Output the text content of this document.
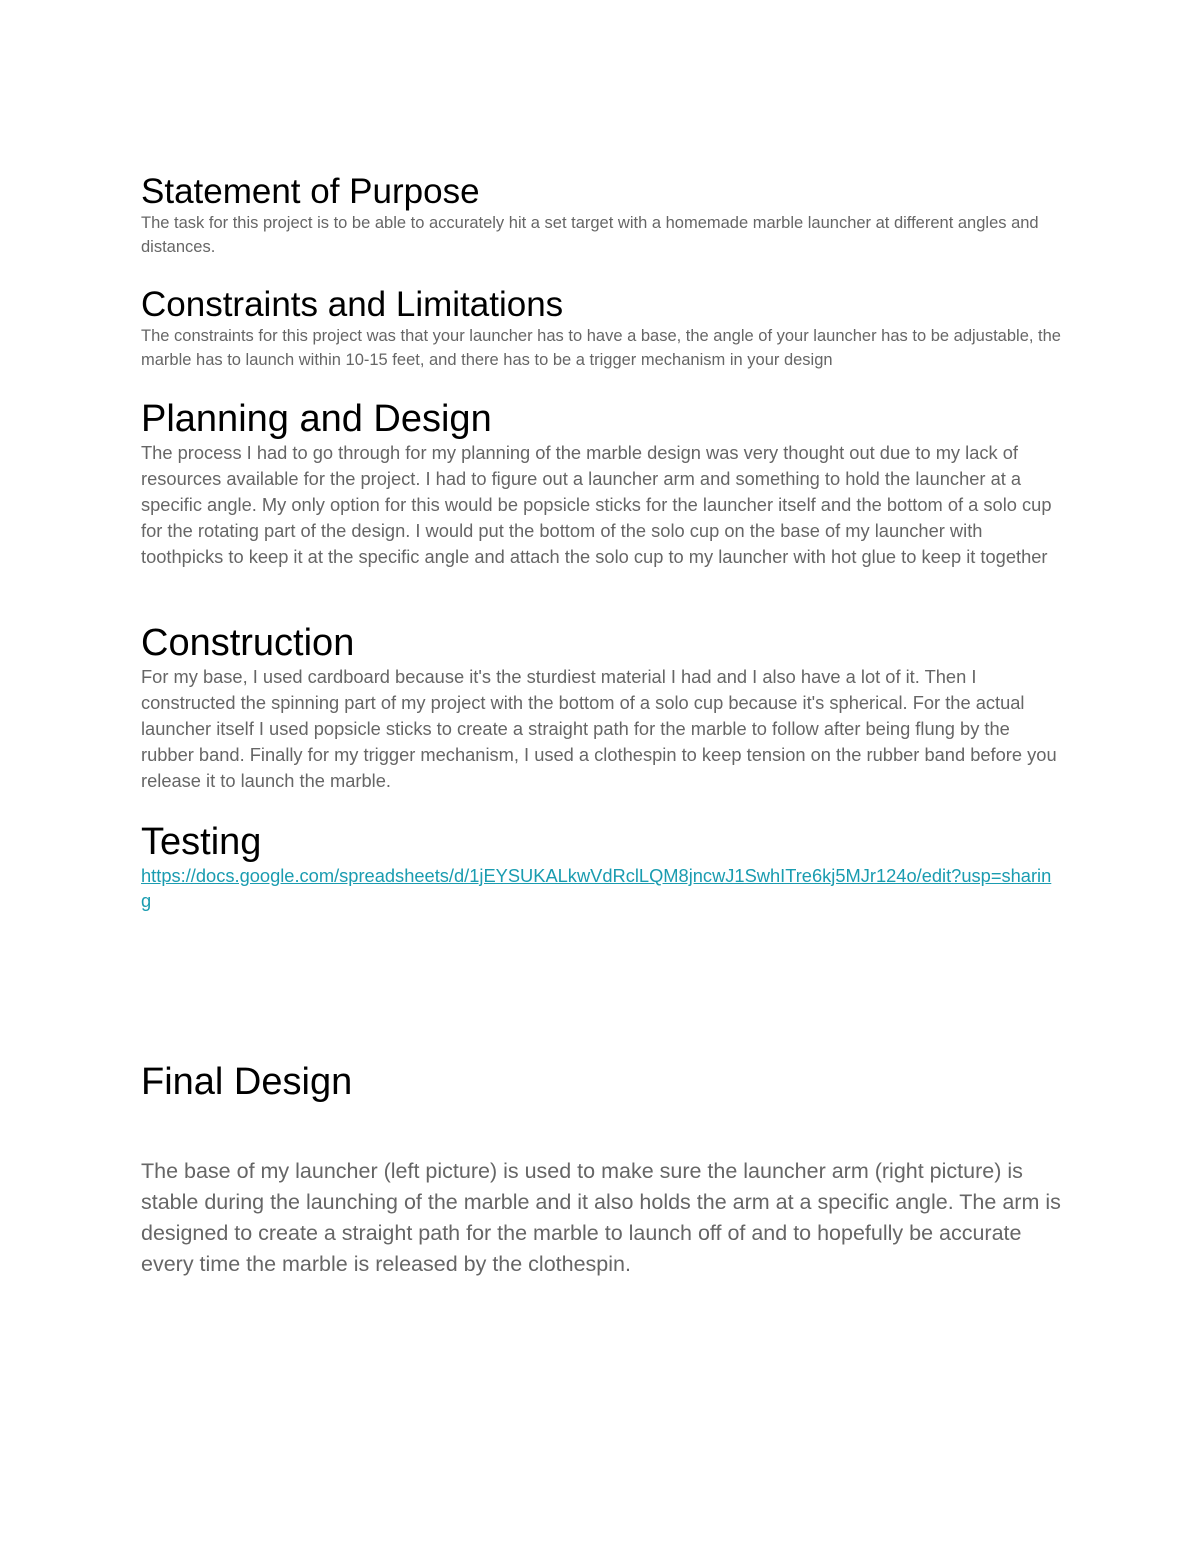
Statement of Purpose

The task for this project is to be able to accurately hit a set target with a homemade marble launcher at different angles and distances.

Constraints and Limitations

The constraints for this project was that your launcher has to have a base, the angle of your launcher has to be adjustable, the marble has to launch within 10-15 feet, and there has to be a trigger mechanism in your design

Planning and Design

The process I had to go through for my planning of the marble design was very thought out due to my lack of resources available for the project. I had to figure out a launcher arm and something to hold the launcher at a specific angle. My only option for this would be popsicle sticks for the launcher itself and the bottom of a solo cup for the rotating part of the design. I would put the bottom of the solo cup on the base of my launcher with toothpicks to keep it at the specific angle and attach the solo cup to my launcher with hot glue to keep it together

Construction

For my base, I used cardboard because it's the sturdiest material I had and I also have a lot of it. Then I constructed the spinning part of my project with the bottom of a solo cup because it's spherical. For the actual launcher itself I used popsicle sticks to create a straight path for the marble to follow after being flung by the rubber band. Finally for my trigger mechanism, I used a clothespin to keep tension on the rubber band before you release it to launch the marble.

Testing
https://docs.google.com/spreadsheets/d/1jEYSUKALkwVdRclLQM8jncwJ1SwhITre6kj5MJr124o/edit?usp=sharing
Final Design

The base of my launcher (left picture) is used to make sure the launcher arm (right picture) is stable during the launching of the marble and it also holds the arm at a specific angle. The arm is designed to create a straight path for the marble to launch off of and to hopefully be accurate every time the marble is released by the clothespin.
